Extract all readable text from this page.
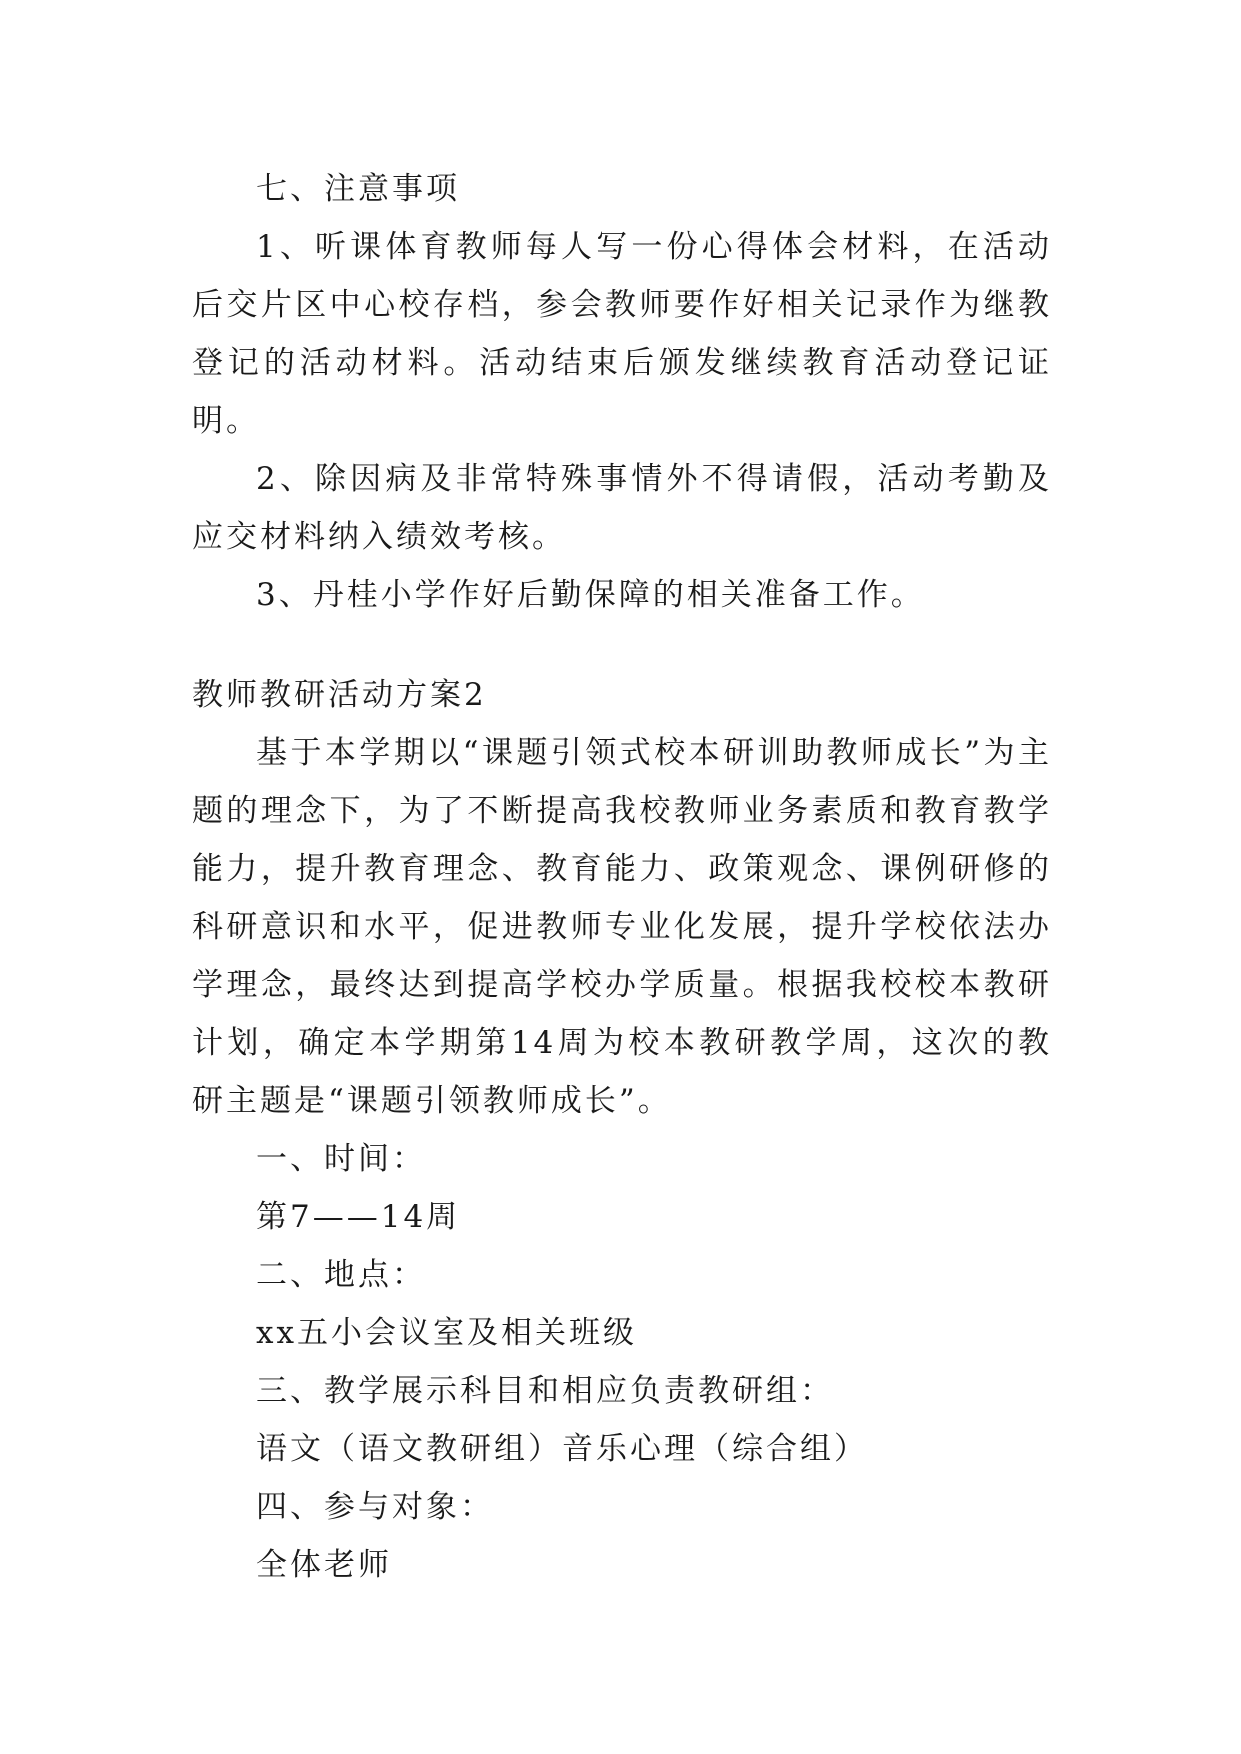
七、注意事项

1、听课体育教师每人写一份心得体会材料，在活动后交片区中心校存档，参会教师要作好相关记录作为继教登记的活动材料。活动结束后颁发继续教育活动登记证明。

2、除因病及非常特殊事情外不得请假，活动考勤及应交材料纳入绩效考核。

3、丹桂小学作好后勤保障的相关准备工作。

教师教研活动方案2

基于本学期以“课题引领式校本研训助教师成长”为主题的理念下，为了不断提高我校教师业务素质和教育教学能力，提升教育理念、教育能力、政策观念、课例研修的科研意识和水平，促进教师专业化发展，提升学校依法办学理念，最终达到提高学校办学质量。根据我校校本教研计划，确定本学期第14周为校本教研教学周，这次的教研主题是“课题引领教师成长”。

一、时间：
第7——14周
二、地点：
xx五小会议室及相关班级
三、教学展示科目和相应负责教研组：
语文（语文教研组）音乐心理（综合组）
四、参与对象：
全体老师
